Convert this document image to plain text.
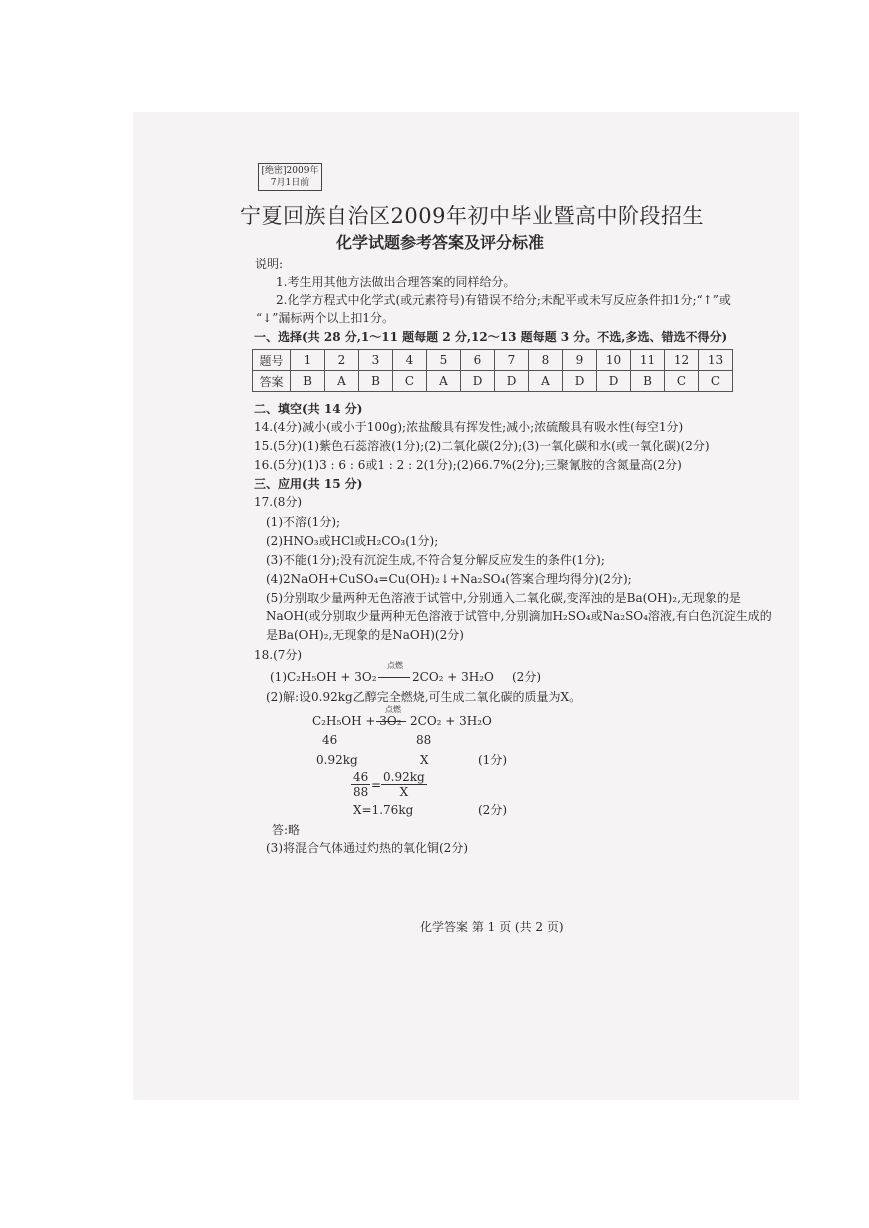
[绝密]2009年
7月1日前
宁夏回族自治区2009年初中毕业暨高中阶段招生
化学试题参考答案及评分标准
说明:
1.考生用其他方法做出合理答案的同样给分。
2.化学方程式中化学式(或元素符号)有错误不给分;未配平或未写反应条件扣1分;“↑”或
“↓”漏标两个以上扣1分。
一、选择(共 28 分,1～11 题每题 2 分,12～13 题每题 3 分。不选,多选、错选不得分)
题号	1	2	3	4	5	6	7	8	9	10	11	12	13
答案	B	A	B	C	A	D	D	A	D	D	B	C	C
二、填空(共 14 分)
14.(4分)减小(或小于100g);浓盐酸具有挥发性;减小;浓硫酸具有吸水性(每空1分)
15.(5分)(1)紫色石蕊溶液(1分);(2)二氧化碳(2分);(3)一氧化碳和水(或一氧化碳)(2分)
16.(5分)(1)3 : 6 : 6或1 : 2 : 2(1分);(2)66.7%(2分);三聚氰胺的含氮量高(2分)
三、应用(共 15 分)
17.(8分)
(1)不溶(1分);
(2)HNO₃或HCl或H₂CO₃(1分);
(3)不能(1分);没有沉淀生成,不符合复分解反应发生的条件(1分);
(4)2NaOH+CuSO₄=Cu(OH)₂↓+Na₂SO₄(答案合理均得分)(2分);
(5)分别取少量两种无色溶液于试管中,分别通入二氧化碳,变浑浊的是Ba(OH)₂,无现象的是
NaOH(或分别取少量两种无色溶液于试管中,分别滴加H₂SO₄或Na₂SO₄溶液,有白色沉淀生成的
是Ba(OH)₂,无现象的是NaOH)(2分)
18.(7分)
(1)C₂H₅OH + 3O₂
点燃
2CO₂ + 3H₂O (2分)
(2)解:设0.92kg乙醇完全燃烧,可生成二氧化碳的质量为X。
C₂H₅OH + 3O₂
点燃
2CO₂ + 3H₂O
46	88
0.92kg	X	(1分)
$\frac{46}{88} = \frac{0.92kg}{X}$
X=1.76kg	(2分)
答:略
(3)将混合气体通过灼热的氧化铜(2分)
化学答案 第 1 页 (共 2 页)
